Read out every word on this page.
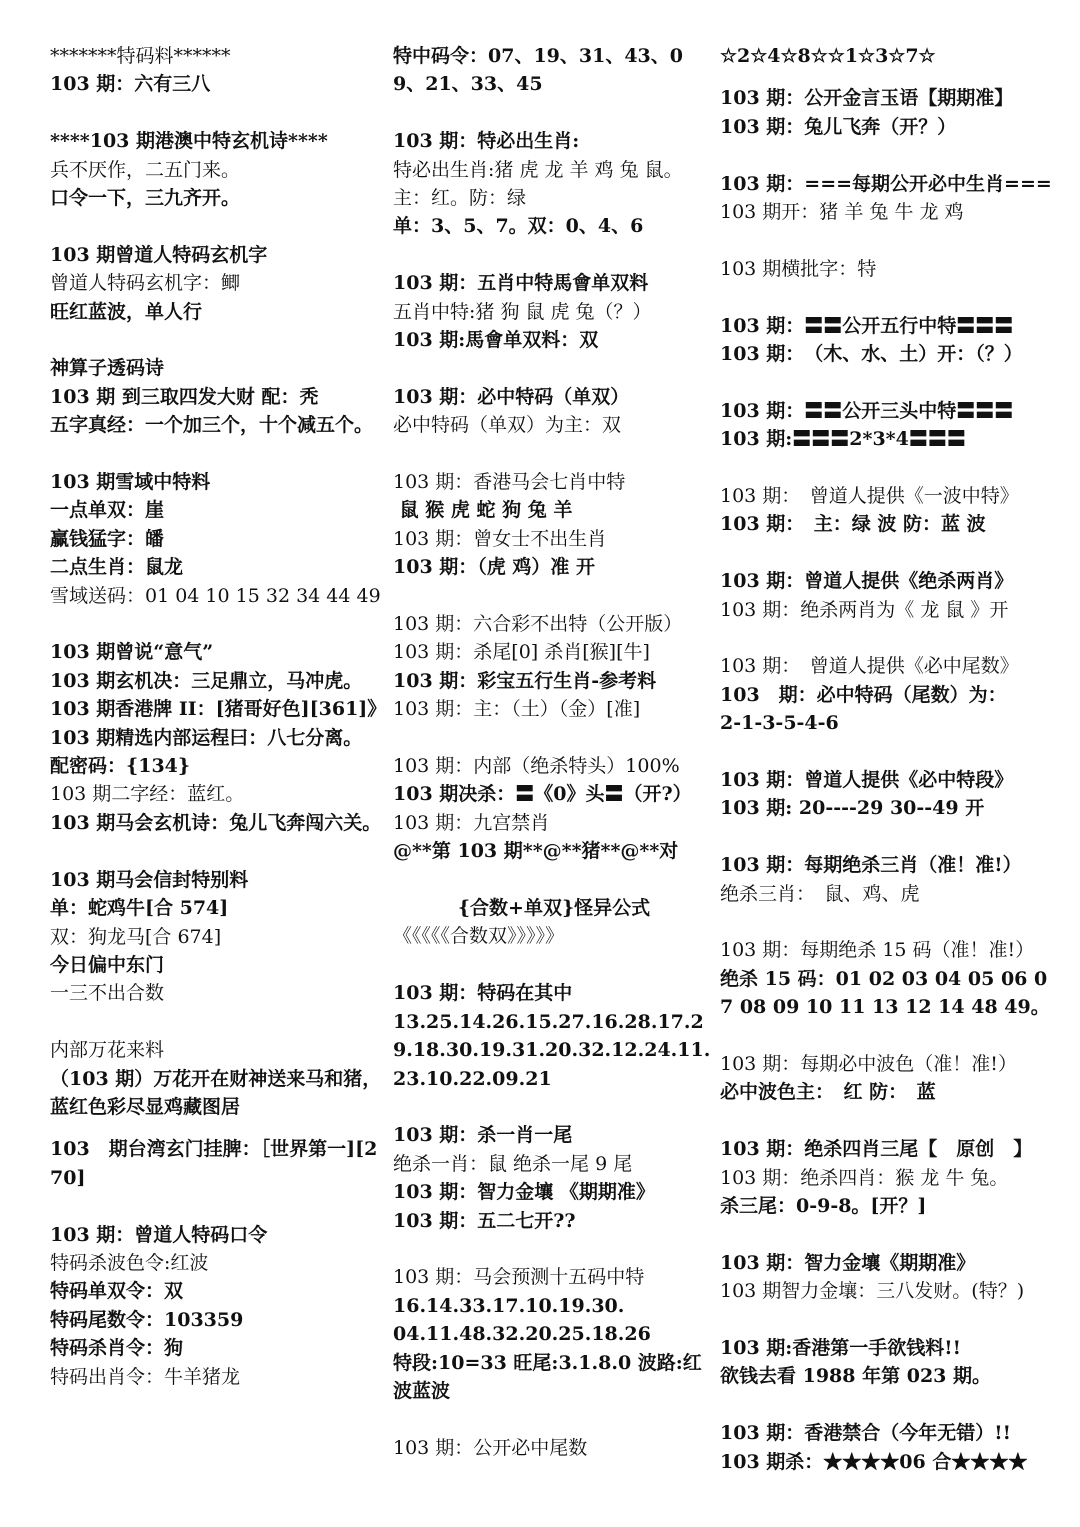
*******特码料******
103 期：六有三八
****103 期港澳中特玄机诗****
兵不厌作，二五门来。
口令一下，三九齐开。
103 期曾道人特码玄机字
曾道人特码玄机字：鲫
旺红蓝波，单人行
神算子透码诗
103 期 到三取四发大财 配：秃
五字真经：一个加三个，十个减五个。
103 期雪域中特料
一点单双：崖
赢钱猛字：皤
二点生肖：鼠龙
雪域送码：01 04 10 15 32 34 44 49
103 期曾说“意气”
103 期玄机决：三足鼎立，马冲虎。
103 期香港牌 II：[猪哥好色][361]》
103 期精选内部运程曰：八七分离。
配密码：{134}
103 期二字经：蓝红。
103 期马会玄机诗：兔儿飞奔闯六关。
103 期马会信封特别料
单：蛇鸡牛[合 574]
双：狗龙马[合 674]
今日偏中东门
一三不出合数
内部万花来料
（103 期）万花开在财神送来马和猪，蓝红色彩尽显鸡藏图居
103　期台湾玄门挂脾：［世界第一][270]
103 期：曾道人特码口令
特码杀波色令:红波
特码单双令：双
特码尾数令：103359
特码杀肖令：狗
特码出肖令：牛羊猪龙
特中码令：07、19、31、43、09、21、33、45
103 期：特必出生肖:
特必出生肖:猪 虎 龙 羊 鸡 兔 鼠。
主：红。防：绿
单：3、5、7。双：0、4、6
103 期：五肖中特馬會单双料
五肖中特:猪 狗 鼠 虎 兔（？）
103 期:馬會单双料：双
103 期：必中特码（单双）
必中特码（单双）为主：双
103 期：香港马会七肖中特
鼠 猴 虎 蛇 狗 兔 羊
103 期：曾女士不出生肖
103 期：（虎 鸡）准 开
103 期：六合彩不出特（公开版）
103 期：杀尾[0] 杀肖[猴][牛]
103 期：彩宝五行生肖-参考料
103 期：主：（土）（金）[准]
103 期：内部（绝杀特头）100%
103 期决杀：〓《0》头〓（开?）
103 期：九宫禁肖
@**第 103 期**@**猪**@**对
{合数+单双}怪异公式
《《《《《合数双》》》》》
103 期：特码在其中
13.25.14.26.15.27.16.28.17.29.18.30.19.31.20.32.12.24.11.23.10.22.09.21
103 期：杀一肖一尾
绝杀一肖：鼠 绝杀一尾 9 尾
103 期：智力金壤 《期期准》
103 期：五二七开??
103 期：马会预测十五码中特
16.14.33.17.10.19.30.
04.11.48.32.20.25.18.26
特段:10=33 旺尾:3.1.8.0 波路:红波蓝波
103 期：公开必中尾数
☆2☆4☆8☆☆1☆3☆7☆
103 期：公开金言玉语【期期准】
103 期：兔儿飞奔（开？）
103 期：===每期公开必中生肖===
103 期开：猪 羊 兔 牛 龙 鸡
103 期横批字：特
103 期：〓〓公开五行中特〓〓〓
103 期：　（木、水、土）开：（？）
103 期：〓〓公开三头中特〓〓〓
103 期:〓〓〓2*3*4〓〓〓
103 期：　曾道人提供《一波中特》
103 期：　主：绿 波 防：蓝 波
103 期：曾道人提供《绝杀两肖》
103 期：绝杀两肖为《 龙 鼠 》开
103 期：　曾道人提供《必中尾数》
103　期：必中特码（尾数）为：
2-1-3-5-4-6
103 期：曾道人提供《必中特段》
103 期: 20----29 30--49 开
103 期：每期绝杀三肖（准！准!）
绝杀三肖：　鼠、鸡、虎
103 期：每期绝杀 15 码（准！准!）
绝杀 15 码：01 02 03 04 05 06 07 08 09 10 11 13 12 14 48 49。
103 期：每期必中波色（准！准!）
必中波色主：　红 防：　蓝
103 期：绝杀四肖三尾【　原创　】
103 期：绝杀四肖：猴 龙 牛 兔。
杀三尾：0-9-8。[开？]
103 期：智力金壤《期期准》
103 期智力金壤：三八发财。(特？)
103 期:香港第一手欲钱料!!
欲钱去看 1988 年第 023 期。
103 期：香港禁合（今年无错）!!
103 期杀：★★★★06 合★★★★
